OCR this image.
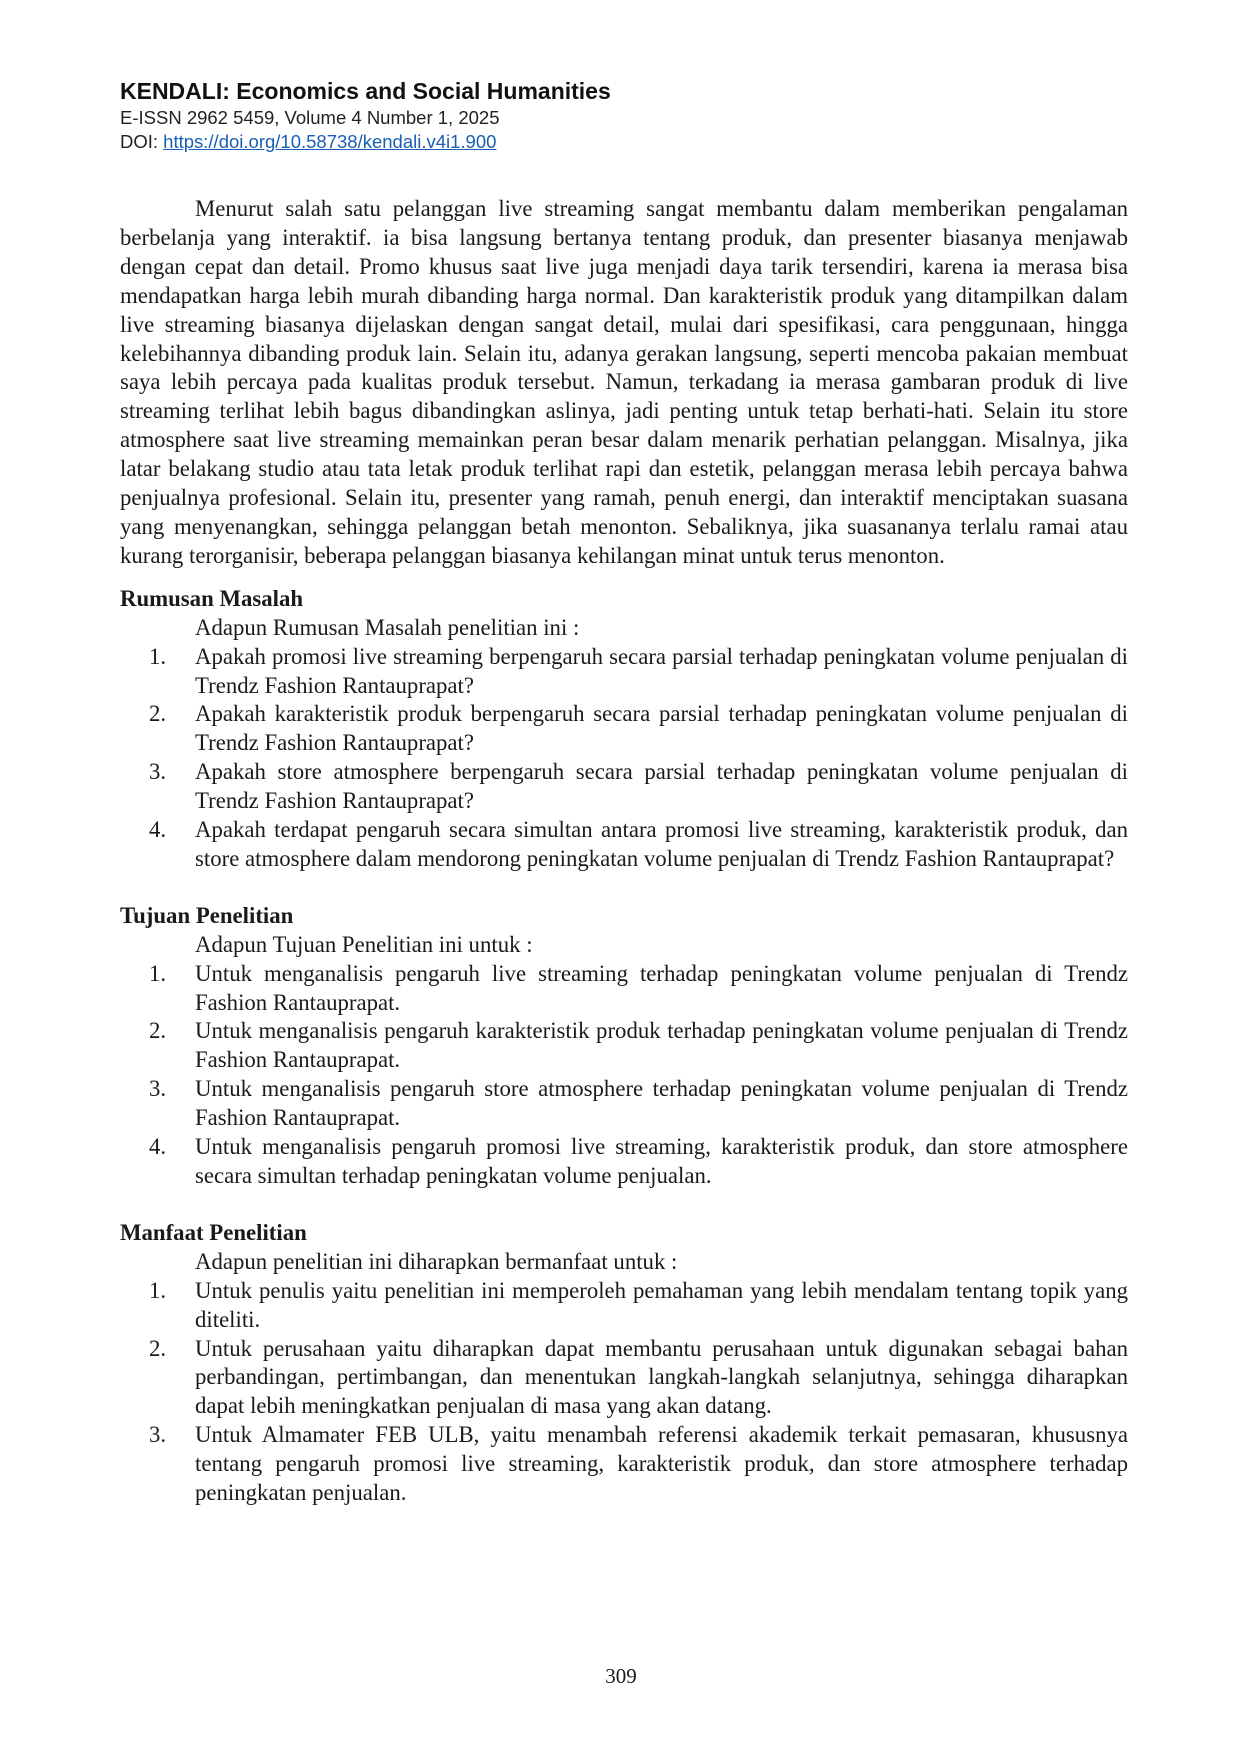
KENDALI: Economics and Social Humanities
E-ISSN 2962 5459, Volume 4 Number 1, 2025
DOI: https://doi.org/10.58738/kendali.v4i1.900

Menurut salah satu pelanggan live streaming sangat membantu dalam memberikan pengalaman berbelanja yang interaktif. ia bisa langsung bertanya tentang produk, dan presenter biasanya menjawab dengan cepat dan detail. Promo khusus saat live juga menjadi daya tarik tersendiri, karena ia merasa bisa mendapatkan harga lebih murah dibanding harga normal. Dan karakteristik produk yang ditampilkan dalam live streaming biasanya dijelaskan dengan sangat detail, mulai dari spesifikasi, cara penggunaan, hingga kelebihannya dibanding produk lain. Selain itu, adanya gerakan langsung, seperti mencoba pakaian membuat saya lebih percaya pada kualitas produk tersebut. Namun, terkadang ia merasa gambaran produk di live streaming terlihat lebih bagus dibandingkan aslinya, jadi penting untuk tetap berhati-hati. Selain itu store atmosphere saat live streaming memainkan peran besar dalam menarik perhatian pelanggan. Misalnya, jika latar belakang studio atau tata letak produk terlihat rapi dan estetik, pelanggan merasa lebih percaya bahwa penjualnya profesional. Selain itu, presenter yang ramah, penuh energi, dan interaktif menciptakan suasana yang menyenangkan, sehingga pelanggan betah menonton. Sebaliknya, jika suasananya terlalu ramai atau kurang terorganisir, beberapa pelanggan biasanya kehilangan minat untuk terus menonton.

Rumusan Masalah
Adapun Rumusan Masalah penelitian ini :
1. Apakah promosi live streaming berpengaruh secara parsial terhadap peningkatan volume penjualan di Trendz Fashion Rantauprapat?
2. Apakah karakteristik produk berpengaruh secara parsial terhadap peningkatan volume penjualan di Trendz Fashion Rantauprapat?
3. Apakah store atmosphere berpengaruh secara parsial terhadap peningkatan volume penjualan di Trendz Fashion Rantauprapat?
4. Apakah terdapat pengaruh secara simultan antara promosi live streaming, karakteristik produk, dan store atmosphere dalam mendorong peningkatan volume penjualan di Trendz Fashion Rantauprapat?
Tujuan Penelitian
Adapun Tujuan Penelitian ini untuk :
1. Untuk menganalisis pengaruh live streaming terhadap peningkatan volume penjualan di Trendz Fashion Rantauprapat.
2. Untuk menganalisis pengaruh karakteristik produk terhadap peningkatan volume penjualan di Trendz Fashion Rantauprapat.
3. Untuk menganalisis pengaruh store atmosphere terhadap peningkatan volume penjualan di Trendz Fashion Rantauprapat.
4. Untuk menganalisis pengaruh promosi live streaming, karakteristik produk, dan store atmosphere secara simultan terhadap peningkatan volume penjualan.
Manfaat Penelitian
Adapun penelitian ini diharapkan bermanfaat untuk :
1. Untuk penulis yaitu penelitian ini memperoleh pemahaman yang lebih mendalam tentang topik yang diteliti.
2. Untuk perusahaan yaitu diharapkan dapat membantu perusahaan untuk digunakan sebagai bahan perbandingan, pertimbangan, dan menentukan langkah-langkah selanjutnya, sehingga diharapkan dapat lebih meningkatkan penjualan di masa yang akan datang.
3. Untuk Almamater FEB ULB, yaitu menambah referensi akademik terkait pemasaran, khususnya tentang pengaruh promosi live streaming, karakteristik produk, dan store atmosphere terhadap peningkatan penjualan.
309
